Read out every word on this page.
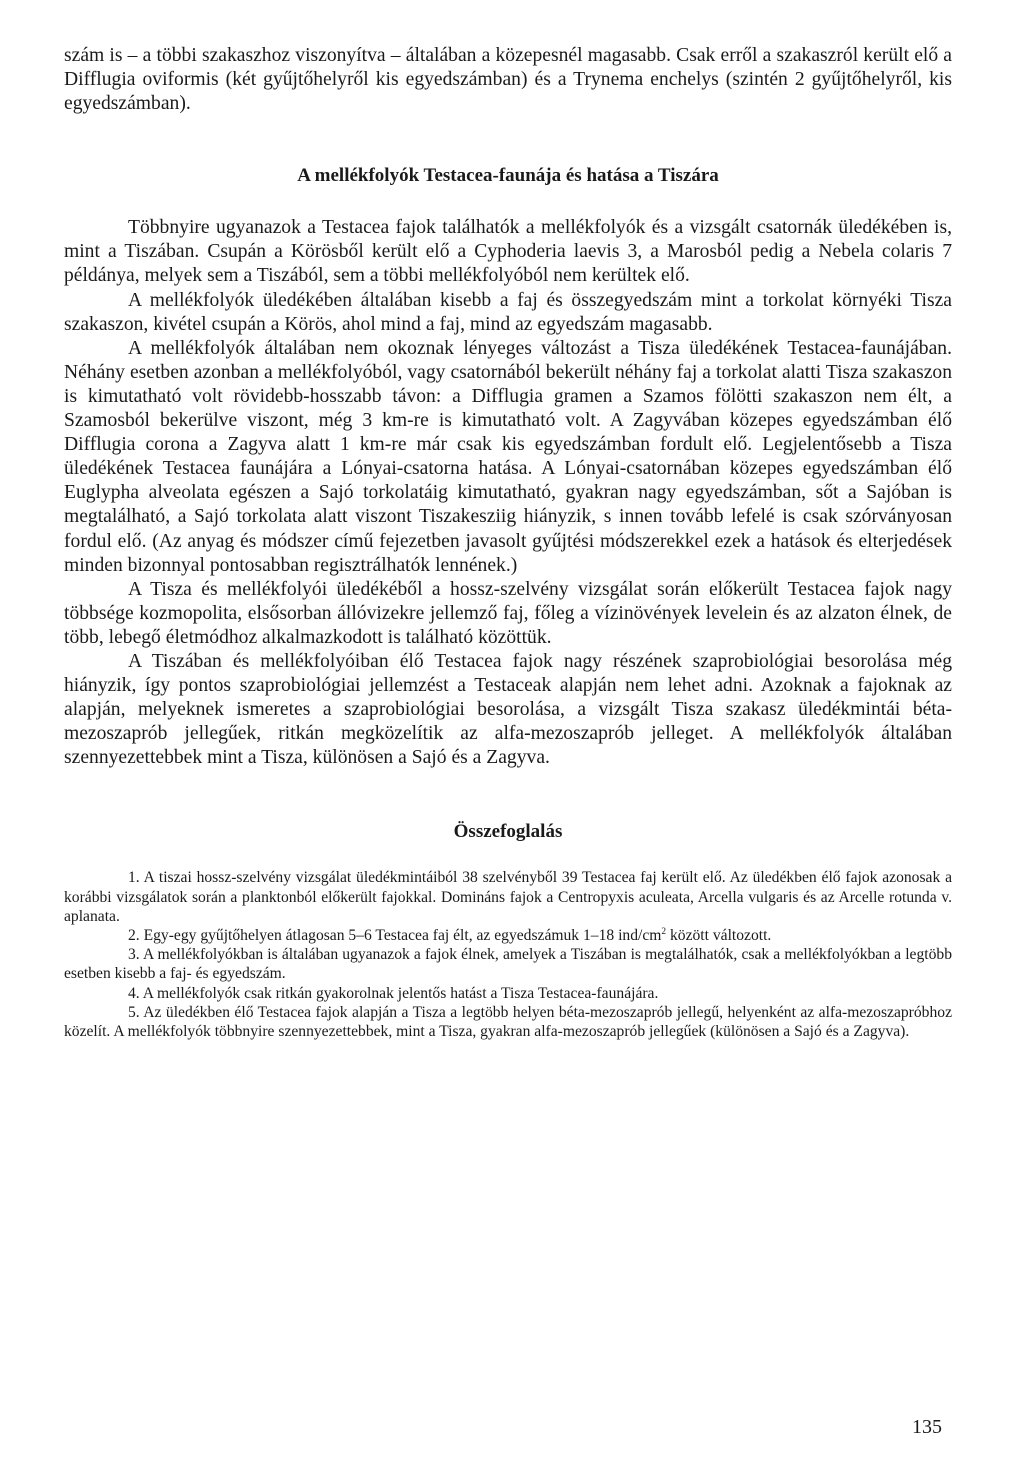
szám is – a többi szakaszhoz viszonyítva – általában a közepesnél magasabb. Csak erről a szakaszról került elő a Difflugia oviformis (két gyűjtőhelyről kis egyedszámban) és a Trynema enchelys (szintén 2 gyűjtőhelyről, kis egyedszámban).

A mellékfolyók Testacea-faunája és hatása a Tiszára

Többnyire ugyanazok a Testacea fajok találhatók a mellékfolyók és a vizsgált csatornák üledékében is, mint a Tiszában. Csupán a Körösből került elő a Cyphoderia laevis 3, a Marosból pedig a Nebela colaris 7 példánya, melyek sem a Tiszából, sem a többi mellékfolyóból nem kerültek elő.

A mellékfolyók üledékében általában kisebb a faj és összegyedszám mint a torkolat környéki Tisza szakaszon, kivétel csupán a Körös, ahol mind a faj, mind az egyedszám magasabb.

A mellékfolyók általában nem okoznak lényeges változást a Tisza üledékének Testacea-faunájában. Néhány esetben azonban a mellékfolyóból, vagy csatornából bekerült néhány faj a torkolat alatti Tisza szakaszon is kimutatható volt rövidebb-hosszabb távon: a Difflugia gramen a Szamos fölötti szakaszon nem élt, a Szamosból bekerülve viszont, még 3 km-re is kimutatható volt. A Zagyvában közepes egyedszámban élő Difflugia corona a Zagyva alatt 1 km-re már csak kis egyedszámban fordult elő. Legjelentősebb a Tisza üledékének Testacea faunájára a Lónyai-csatorna hatása. A Lónyai-csatornában közepes egyedszámban élő Euglypha alveolata egészen a Sajó torkolatáig kimutatható, gyakran nagy egyedszámban, sőt a Sajóban is megtalálható, a Sajó torkolata alatt viszont Tiszakesziig hiányzik, s innen tovább lefelé is csak szórványosan fordul elő. (Az anyag és módszer című fejezetben javasolt gyűjtési módszerekkel ezek a hatások és elterjedések minden bizonnyal pontosabban regisztrálhatók lennének.)

A Tisza és mellékfolyói üledékéből a hossz-szelvény vizsgálat során előkerült Testacea fajok nagy többsége kozmopolita, elsősorban állóvizekre jellemző faj, főleg a vízinövények levelein és az alzaton élnek, de több, lebegő életmódhoz alkalmazkodott is található közöttük.

A Tiszában és mellékfolyóiban élő Testacea fajok nagy részének szaprobiológiai besorolása még hiányzik, így pontos szaprobiológiai jellemzést a Testaceak alapján nem lehet adni. Azoknak a fajoknak az alapján, melyeknek ismeretes a szaprobiológiai besorolása, a vizsgált Tisza szakasz üledékmintái béta-mezoszaprób jellegűek, ritkán megközelítik az alfa-mezoszaprób jelleget. A mellékfolyók általában szennyezettebbek mint a Tisza, különösen a Sajó és a Zagyva.

Összefoglalás

1. A tiszai hossz-szelvény vizsgálat üledékmintáiból 38 szelvényből 39 Testacea faj került elő. Az üledékben élő fajok azonosak a korábbi vizsgálatok során a planktonból előkerült fajokkal. Domináns fajok a Centropyxis aculeata, Arcella vulgaris és az Arcelle rotunda v. aplanata.

2. Egy-egy gyűjtőhelyen átlagosan 5–6 Testacea faj élt, az egyedszámuk 1–18 ind/$cm^2$ között változott.

3. A mellékfolyókban is általában ugyanazok a fajok élnek, amelyek a Tiszában is megtalálhatók, csak a mellékfolyókban a legtöbb esetben kisebb a faj- és egyedszám.

4. A mellékfolyók csak ritkán gyakorolnak jelentős hatást a Tisza Testacea-faunájára.

5. Az üledékben élő Testacea fajok alapján a Tisza a legtöbb helyen béta-mezoszaprób jellegű, helyenként az alfa-mezoszapróbhoz közelít. A mellékfolyók többnyire szennyezettebbek, mint a Tisza, gyakran alfa-mezoszaprób jellegűek (különösen a Sajó és a Zagyva).

135
